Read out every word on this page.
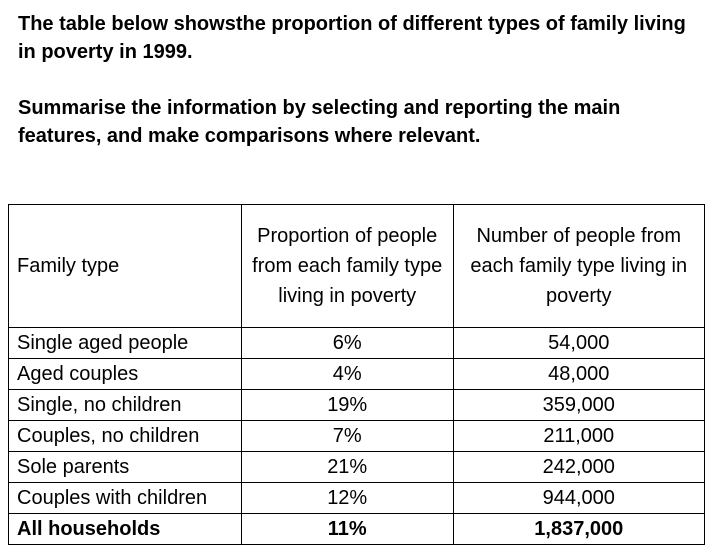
The table below showsthe proportion of different types of family living in poverty in 1999.

Summarise the information by selecting and reporting the main features, and make comparisons where relevant.

Family type	Proportion of people from each family type living in poverty	Number of people from each family type living in poverty
Single aged people	6%	54,000
Aged couples	4%	48,000
Single, no children	19%	359,000
Couples, no children	7%	211,000
Sole parents	21%	242,000
Couples with children	12%	944,000
All households	11%	1,837,000
